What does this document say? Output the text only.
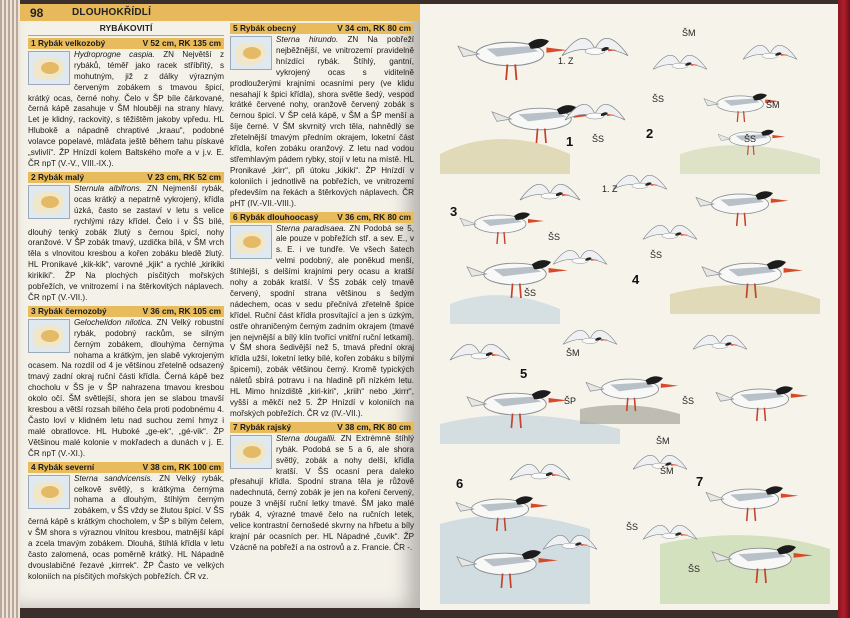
98	DLOUHOKŘÍDLÍ
RYBÁKOVITÍ
1 Rybák velkozobý	V 52 cm, RK 135 cm
Hydroprogne caspia. ZN Největší z rybáků, téměř jako racek stříbřitý, s mohutným, již z dálky výrazným červeným zobákem s tmavou špicí, krátký ocas, černé nohy. Čelo v ŠP bíle čárkované, černá kápě zasahuje v ŠM hlouběji na strany hlavy. Let je klidný, rackovitý, s těžištěm jakoby vpředu. HL Hlubokě a nápadně chraptivé „kraau“, podobné volavce popelavé, mláďata ještě během tahu pískavé „svlivlí“. ŽP Hnízdí kolem Baltského moře a v j.v. E. ČR npT (V.-V., VIII.-IX.).
2 Rybák malý	V 23 cm, RK 52 cm
Sternula albifrons. ZN Nejmenší rybák, ocas krátký a nepatrně vykrojený, křídla úzká, často se zastaví v letu s velice rychlými rázy křídel. Čelo i v ŠS bílé, dlouhý tenký zobák žlutý s černou špicí, nohy oranžové. V ŠP zobák tmavý, uzdička bílá, v ŠM vrch těla s vlnovitou kresbou a kořen zobáku bledě žlutý. HL Pronikavé „kik-kik“, varovné „kjik“ a rychlé „kirikiki kirikiki“. ŽP Na plochých písčitých mořských pobřežích, ve vnitrozemí i na štěrkovitých náplavech. ČR npT (V.-VII.).
3 Rybák černozobý	V 36 cm, RK 105 cm
Gelochelidon nilotica. ZN Velký robustní rybák, podobný rackům, se silným černým zobákem, dlouhýma černýma nohama a krátkým, jen slabě vykrojeným ocasem. Na rozdíl od 4 je většinou zřetelně odsazený tmavý zadní okraj ruční části křídla. Černá kápě bez chocholu v ŠS je v ŠP nahrazena tmavou kresbou okolo očí. ŠM světlejší, shora jen se slabou tmavší kresbou a větší rozsah bílého čela proti podobnému 4. Často loví v klidném letu nad suchou zemí hmyz i malé obratlovce. HL Huboké „ge-ek“, „gé-vik“. ŽP Většinou malé kolonie v mokřadech a dunách v j. E. ČR npT (V.-XI.).
4 Rybák severní	V 38 cm, RK 100 cm
Sterna sandvicensis. ZN Velký rybák, celkově světlý, s krátkýma černýma nohama a dlouhým, štíhlým černým zobákem, v ŠS vždy se žlutou špicí. V ŠS černá kápě s krátkým chocholem, v ŠP s bílým čelem, v ŠM shora s výraznou vlnitou kresbou, matnější kápí a zcela tmavým zobákem. Dlouhá, štíhlá křídla v letu často zalomená, ocas poměrně krátký. HL Nápadně dvouslabičné řezavé „kirrrek“. ŽP Často ve velkých koloniích na písčitých mořských pobřežích. ČR vz.
5 Rybák obecný	V 34 cm, RK 80 cm
Sterna hirundo. ZN Na pobřeží nejběžnější, ve vnitrozemí pravidelně hnízdící rybák. Štíhlý, gantní, vykrojený ocas s viditelně prodloužerými krajními ocasními pery (ve klidu nesahají k špici křídla), shora světle šedý, vespod krátké červené nohy, oranžově červený zobák s černou špicí. V ŠP celá kápě, v ŠM a ŠP menší a šíje černé. V ŠM skvrnitý vrch těla, nahnědlý se zřetelnější tmavým předním okrajem, loketní část křídla, kořen zobáku oranžový. Z letu nad vodou střemhlavým pádem rybky, stojí v letu na místě. HL Pronikavé „kirr“, při útoku „kikiki“. ŽP Hnízdí v koloniích i jednotlivě na pobřežích, ve vnitrozemí především na řekách a štěrkových náplavech. ČR pHT (IV.-VII.-VIII.).
6 Rybák dlouhoocasý V 36 cm, RK 80 cm
Sterna paradisaea. ZN Podobá se 5, ale pouze v pobřežích stř. a sev. E., v s. E. i ve tundře. Ve všech šatech velmi podobný, ale poněkud menší, štíhlejší, s delšími krajními pery ocasu a kratší nohy a zobák kratší. V ŠS zobák celý tmavě červený, spodní strana většinou s šedým nádechem, ocas v sedu přečnívá zřetelně špice křídel. Ruční část křídla prosvítající a jen s úzkým, ostře ohraničeným černým zadním okrajem (tmavé jen nejvnější a bílý klín tvořící vnitřní ruční letkami). V ŠM shora šedivější než 5, tmavá přední okraj křídla užší, loketní letky bílé, kořen zobáku s bílými špicemi), zobák většinou černý. Kromě typických náletů sbírá potravu i na hladině při nízkém letu. HL Mimo hnízdiště „kiri-kiri“, „kriih“ nebo „kirrr“, vyšší a měkčí než 5. ŽP Hnízdí v koloniích na mořských pobřežích. ČR vz (IV.-VII.).
7 Rybák rajský	V 38 cm, RK 80 cm
Sterna dougallii. ZN Extrémně štíhlý rybák. Podobá se 5 a 6, ale shora světlý, zobák a nohy delší, křídla kratší. V ŠS ocasní pera daleko přesahují křídla. Spodní strana těla je růžově nadechnutá, černý zobák je jen na kořeni červený, pouze 3 vnější ruční letky tmavé. ŠM jako malé rybák 4, výrazné tmavé čelo na ručních letek, velice kontrastní černošedé skvrny na hřbetu a bíly krajní pár ocasních per. HL Nápadné „čuvik“. ŽP Vzácně na pobřeží a na ostrovů a z. Francie. ČR -.
1
2
3
4
5
6	7
1. Z
ŠM
ŠS
ŠS
ŠM
ŠS
1. Z
ŠS
ŠS
ŠS
ŠM
ŠP	ŠS
ŠM
ŠM
ŠS
ŠS
